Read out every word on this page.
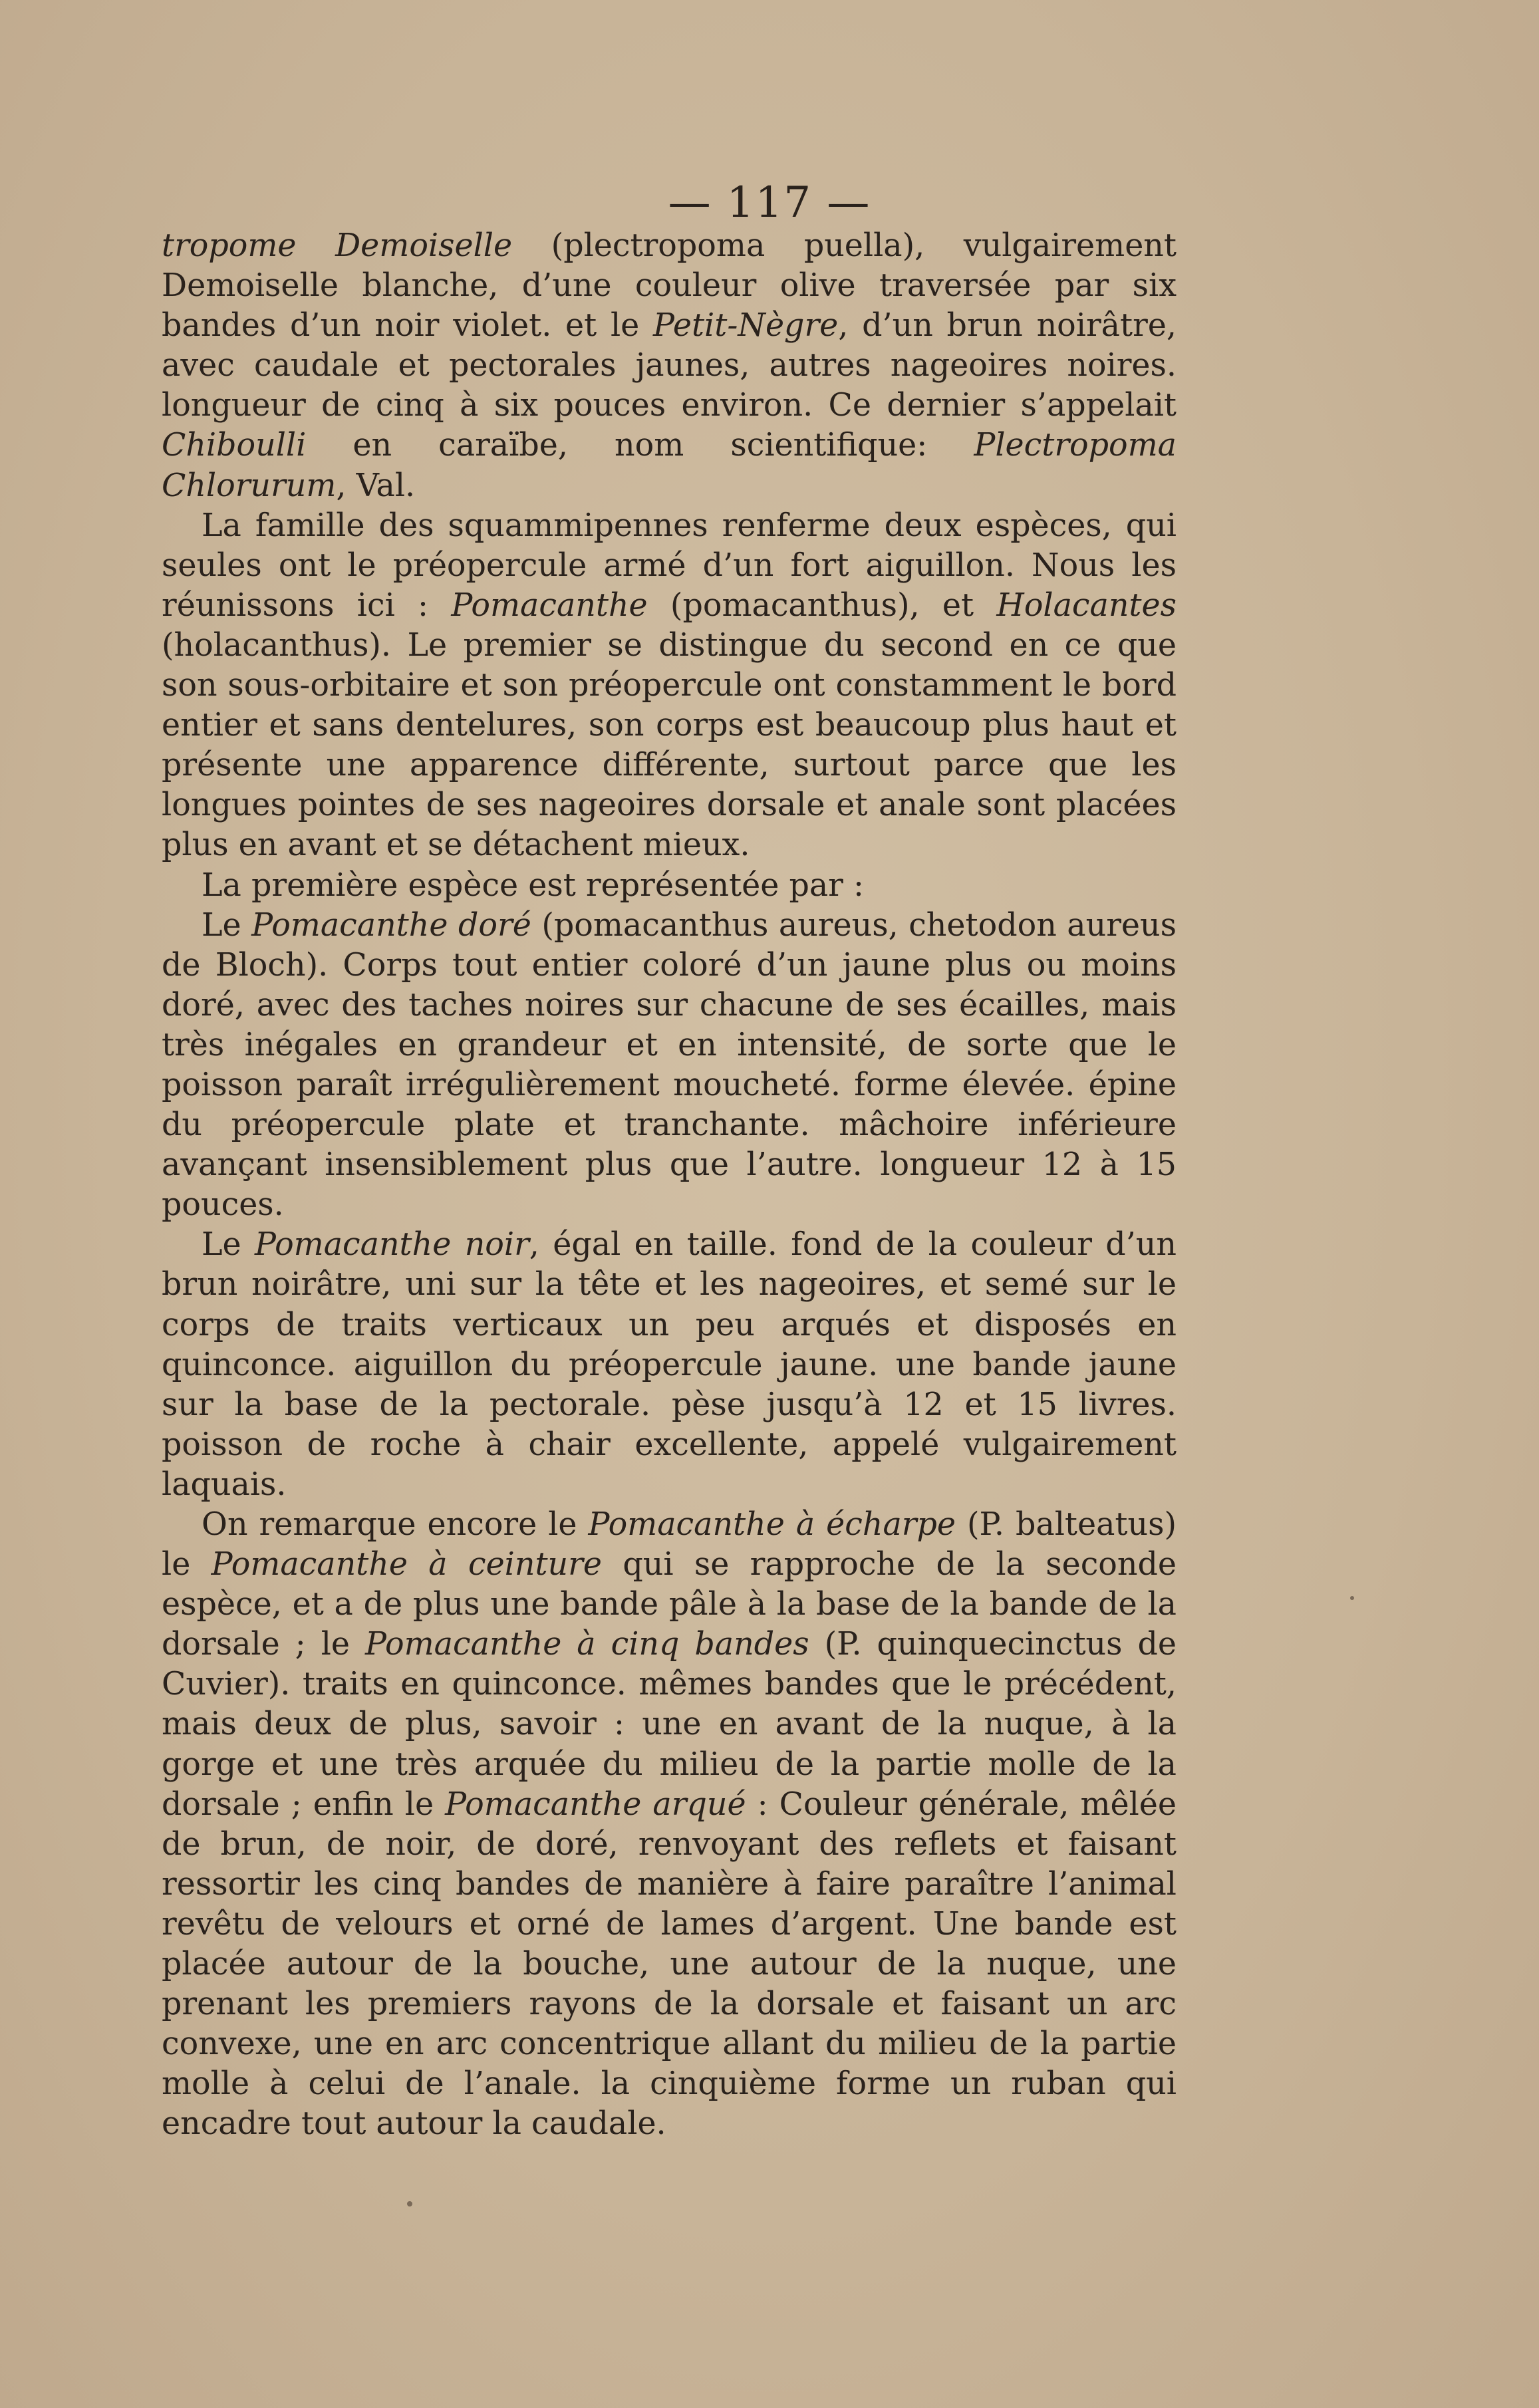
— 117 —

tropome Demoiselle (plectropoma puella), vulgairement Demoiselle blanche, d’une couleur olive traversée par six bandes d’un noir violet. et le Petit-Nègre, d’un brun noirâtre, avec caudale et pectorales jaunes, autres nageoires noires. longueur de cinq à six pouces environ. Ce dernier s’appelait Chiboulli en caraïbe, nom scientifique: Plectropoma Chlorurum, Val.

La famille des squammipennes renferme deux espèces, qui seules ont le préopercule armé d’un fort aiguillon. Nous les réunissons ici : Pomacanthe (pomacanthus), et Holacantes (holacanthus). Le premier se distingue du second en ce que son sous-orbitaire et son préopercule ont constamment le bord entier et sans dentelures, son corps est beaucoup plus haut et présente une apparence différente, surtout parce que les longues pointes de ses nageoires dorsale et anale sont placées plus en avant et se détachent mieux.

La première espèce est représentée par :

Le Pomacanthe doré (pomacanthus aureus, chetodon aureus de Bloch). Corps tout entier coloré d’un jaune plus ou moins doré, avec des taches noires sur chacune de ses écailles, mais très inégales en grandeur et en intensité, de sorte que le poisson paraît irrégulièrement moucheté. forme élevée. épine du préopercule plate et tranchante. mâchoire inférieure avançant insensiblement plus que l’autre. longueur 12 à 15 pouces.

Le Pomacanthe noir, égal en taille. fond de la couleur d’un brun noirâtre, uni sur la tête et les nageoires, et semé sur le corps de traits verticaux un peu arqués et disposés en quinconce. aiguillon du préopercule jaune. une bande jaune sur la base de la pectorale. pèse jusqu’à 12 et 15 livres. poisson de roche à chair excellente, appelé vulgairement laquais.

On remarque encore le Pomacanthe à écharpe (P. balteatus) le Pomacanthe à ceinture qui se rapproche de la seconde espèce, et a de plus une bande pâle à la base de la bande de la dorsale ; le Pomacanthe à cinq bandes (P. quinquecinctus de Cuvier). traits en quinconce. mêmes bandes que le précédent, mais deux de plus, savoir : une en avant de la nuque, à la gorge et une très arquée du milieu de la partie molle de la dorsale ; enfin le Pomacanthe arqué : Couleur générale, mêlée de brun, de noir, de doré, renvoyant des reflets et faisant ressortir les cinq bandes de manière à faire paraître l’animal revêtu de velours et orné de lames d’argent. Une bande est placée autour de la bouche, une autour de la nuque, une prenant les premiers rayons de la dorsale et faisant un arc convexe, une en arc concentrique allant du milieu de la partie molle à celui de l’anale. la cinquième forme un ruban qui encadre tout autour la caudale.
